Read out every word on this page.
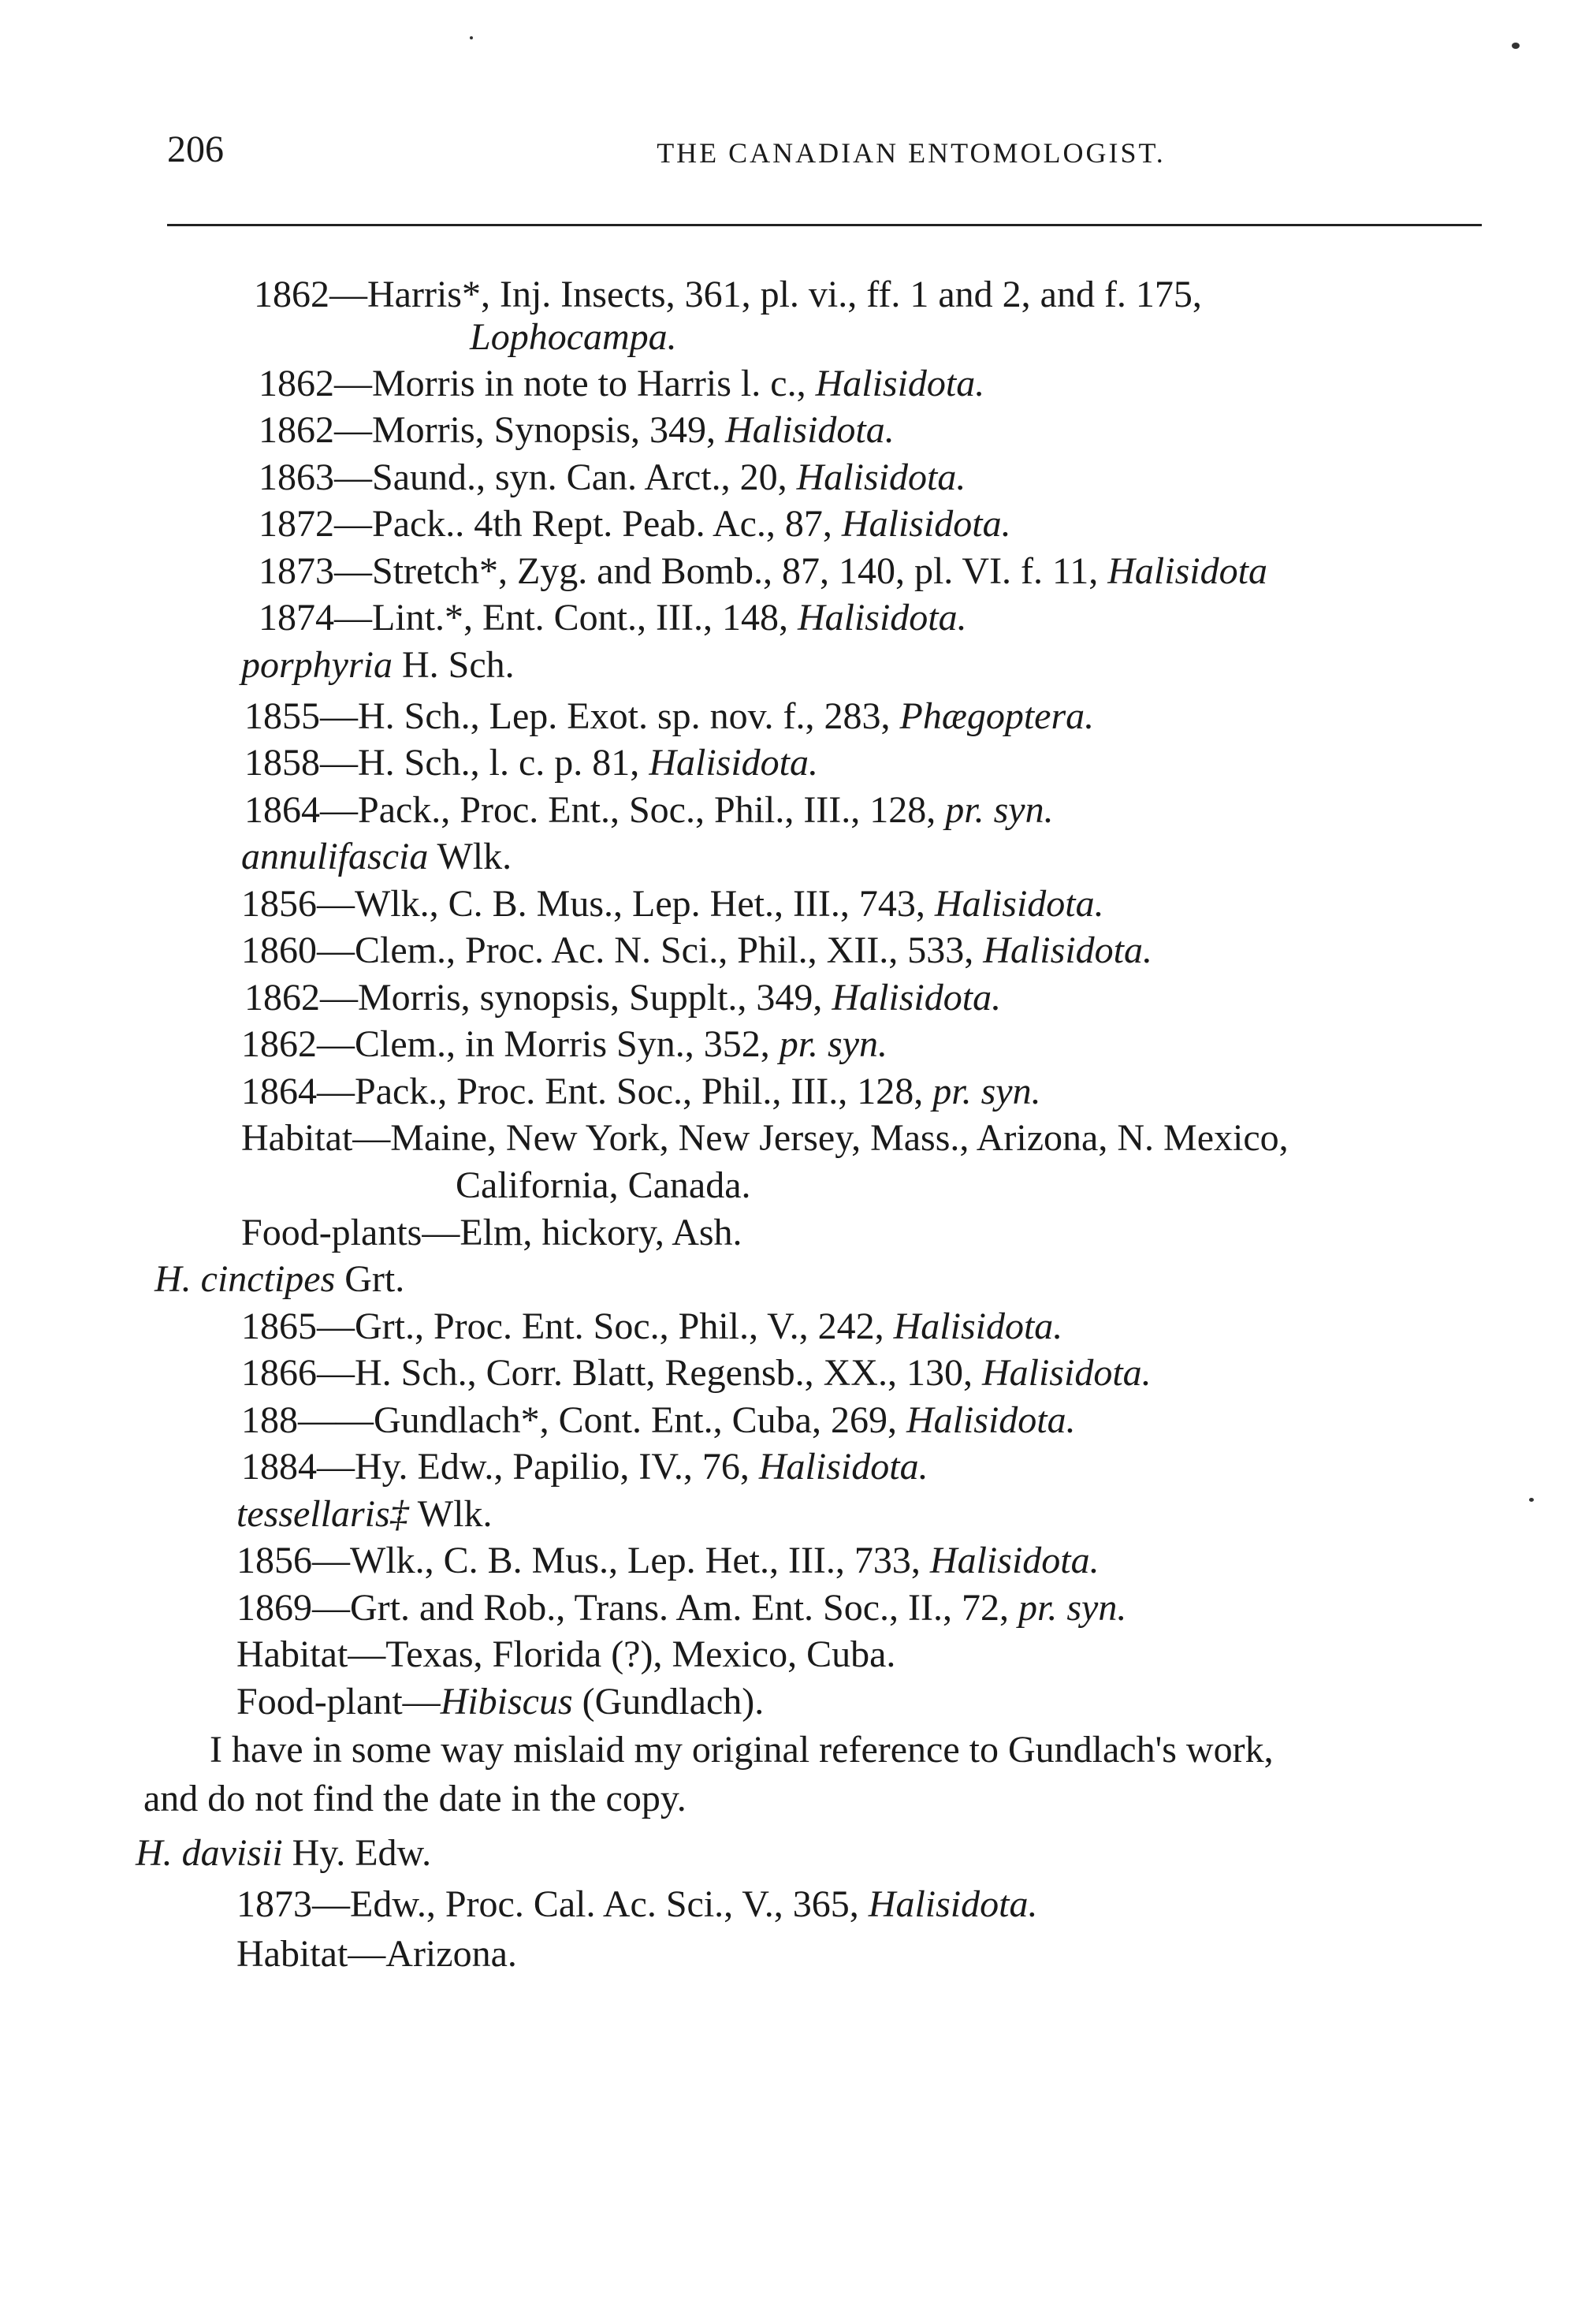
206	THE CANADIAN ENTOMOLOGIST.
1862—Harris*, Inj. Insects, 361, pl. vi., ff. 1 and 2, and f. 175,
Lophocampa.
1862—Morris in note to Harris l. c., Halisidota.
1862—Morris, Synopsis, 349, Halisidota.
1863—Saund., syn. Can. Arct., 20, Halisidota.
1872—Pack.. 4th Rept. Peab. Ac., 87, Halisidota.
1873—Stretch*, Zyg. and Bomb., 87, 140, pl. VI. f. 11, Halisidota
1874—Lint.*, Ent. Cont., III., 148, Halisidota.
porphyria H. Sch.
1855—H. Sch., Lep. Exot. sp. nov. f., 283, Phægoptera.
1858—H. Sch., l. c. p. 81, Halisidota.
1864—Pack., Proc. Ent., Soc., Phil., III., 128, pr. syn.
annulifascia Wlk.
1856—Wlk., C. B. Mus., Lep. Het., III., 743, Halisidota.
1860—Clem., Proc. Ac. N. Sci., Phil., XII., 533, Halisidota.
1862—Morris, synopsis, Supplt., 349, Halisidota.
1862—Clem., in Morris Syn., 352, pr. syn.
1864—Pack., Proc. Ent. Soc., Phil., III., 128, pr. syn.
Habitat—Maine, New York, New Jersey, Mass., Arizona, N. Mexico,
California, Canada.
Food-plants—Elm, hickory, Ash.
H. cinctipes Grt.
1865—Grt., Proc. Ent. Soc., Phil., V., 242, Halisidota.
1866—H. Sch., Corr. Blatt, Regensb., XX., 130, Halisidota.
188——Gundlach*, Cont. Ent., Cuba, 269, Halisidota.
1884—Hy. Edw., Papilio, IV., 76, Halisidota.
tessellaris‡ Wlk.
1856—Wlk., C. B. Mus., Lep. Het., III., 733, Halisidota.
1869—Grt. and Rob., Trans. Am. Ent. Soc., II., 72, pr. syn.
Habitat—Texas, Florida (?), Mexico, Cuba.
Food-plant—Hibiscus (Gundlach).
I have in some way mislaid my original reference to Gundlach's work,
and do not find the date in the copy.
H. davisii Hy. Edw.
1873—Edw., Proc. Cal. Ac. Sci., V., 365, Halisidota.
Habitat—Arizona.
